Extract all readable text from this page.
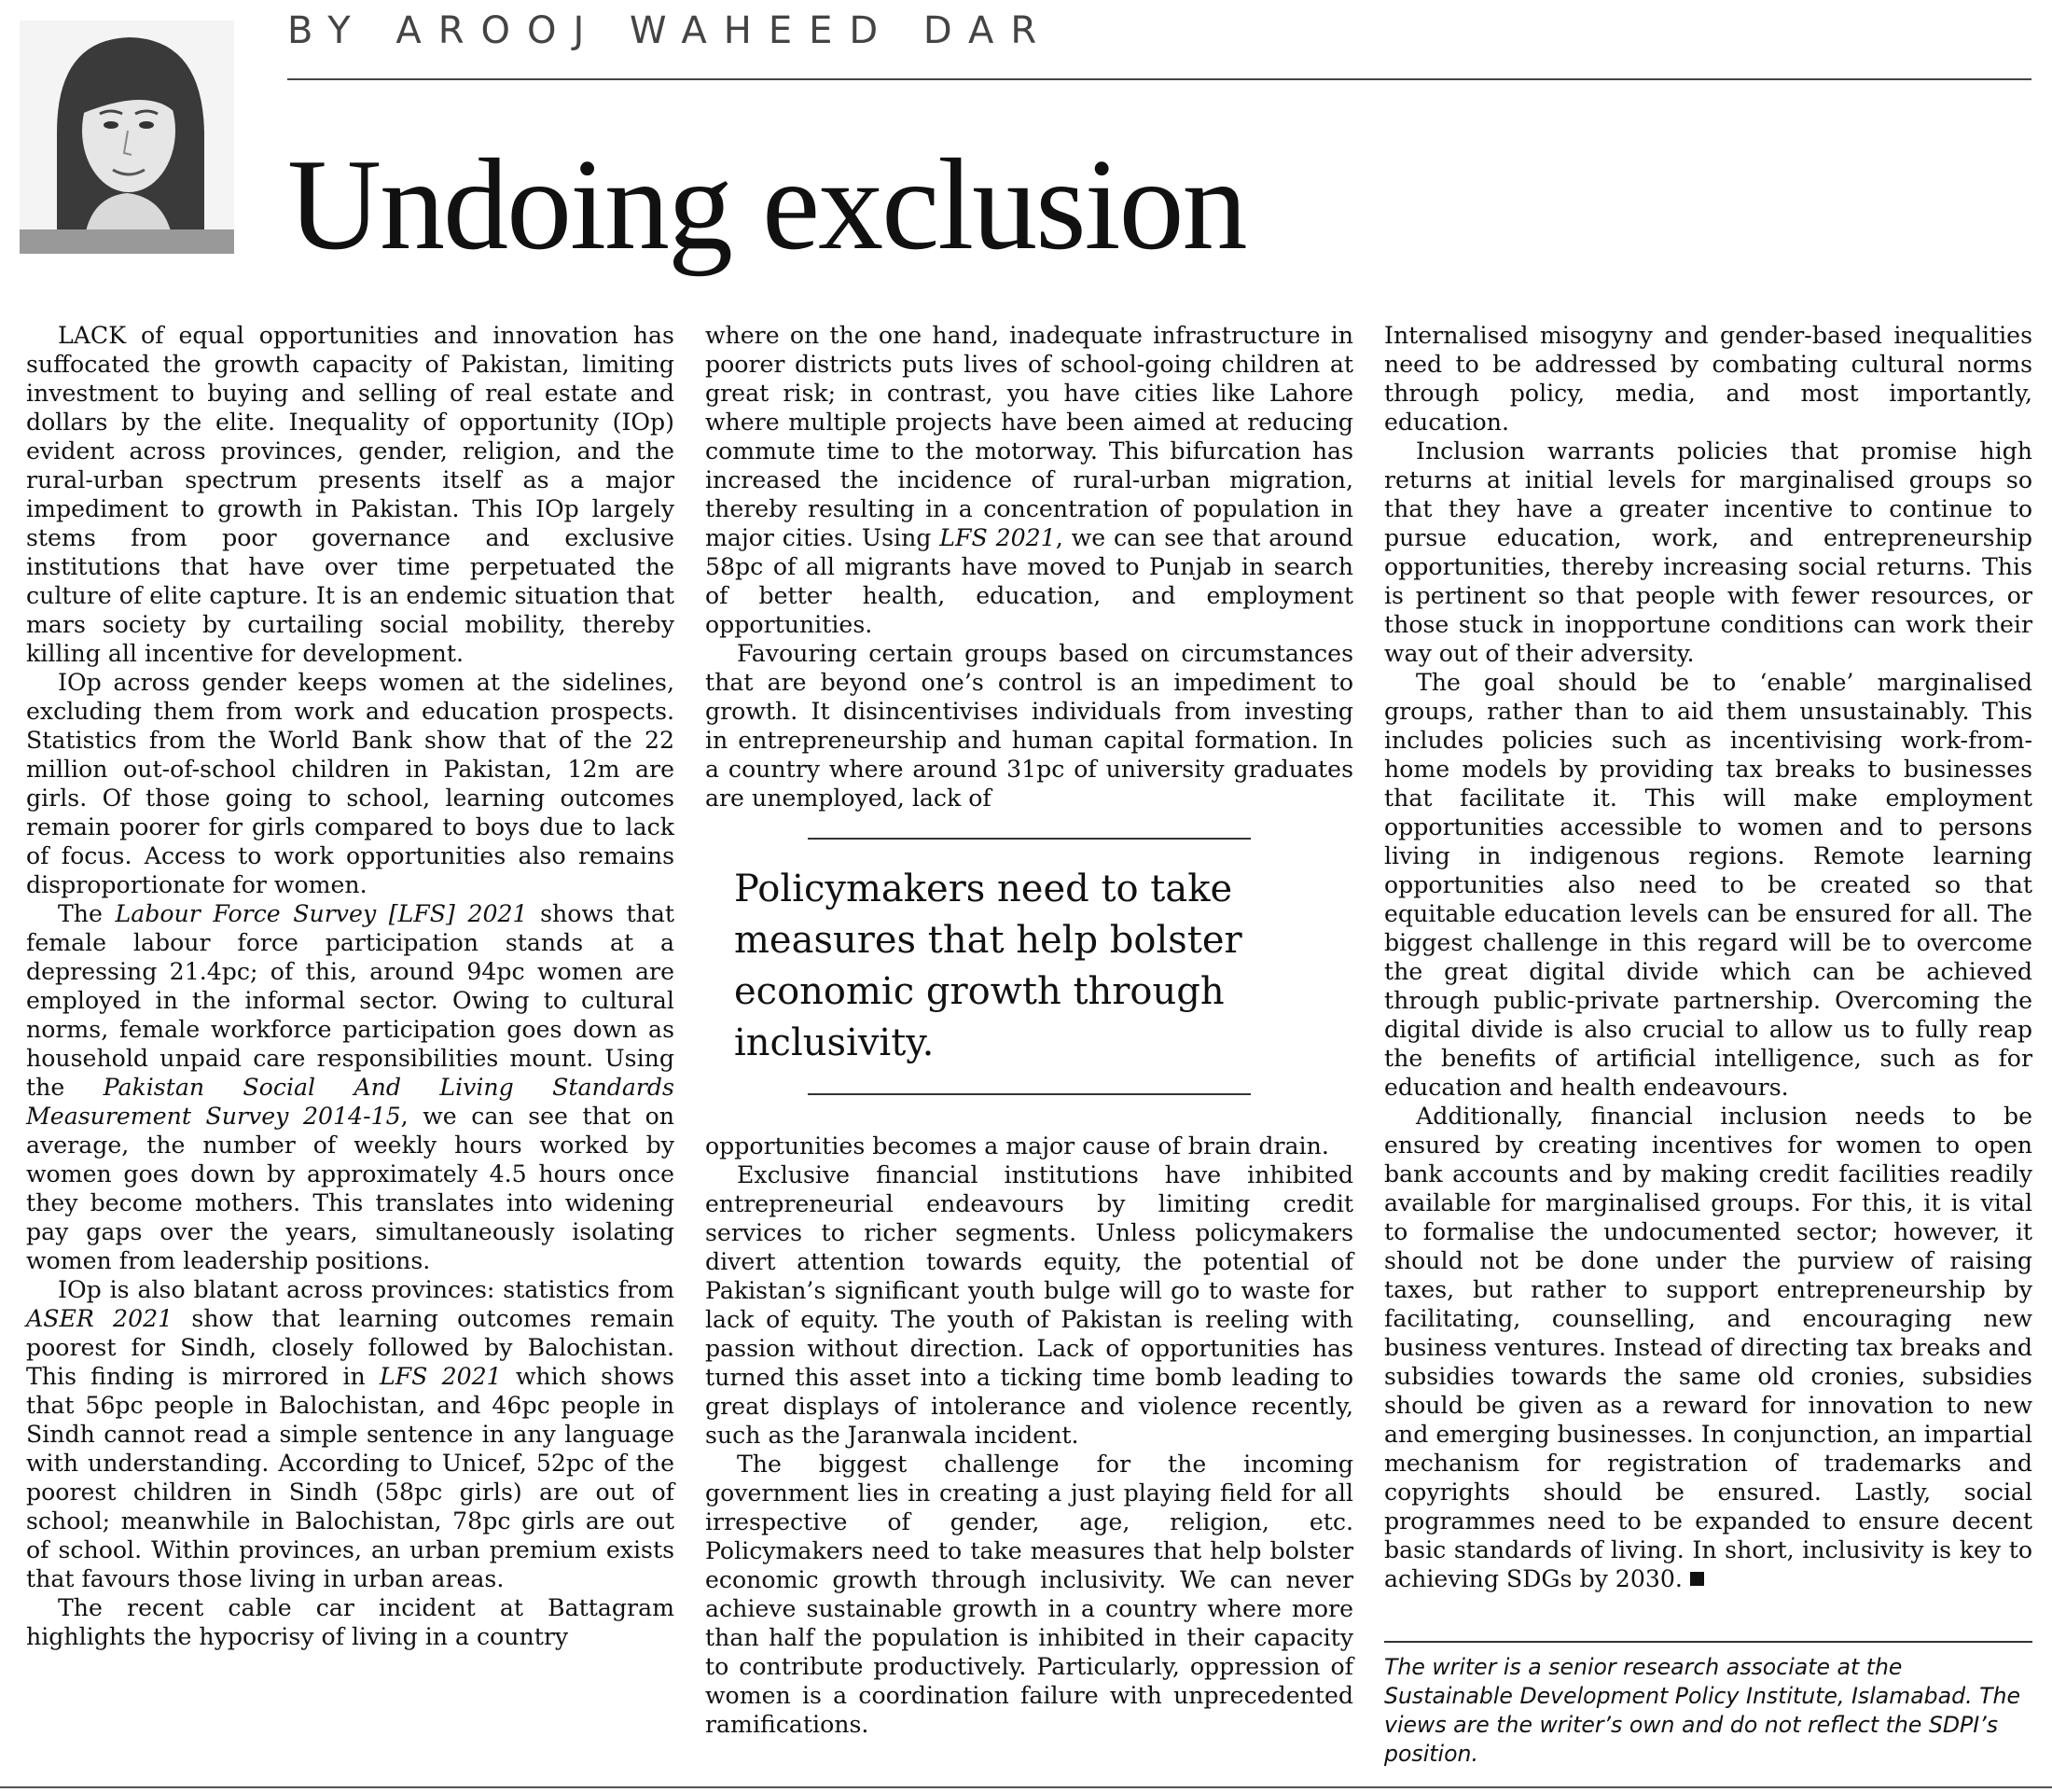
BY AROOJ WAHEED DAR
Undoing exclusion

LACK of equal opportunities and innovation has suffocated the growth capacity of Pakistan, limiting investment to buying and selling of real estate and dollars by the elite. Inequality of opportunity (IOp) evident across provinces, gender, religion, and the rural-urban spectrum presents itself as a major impediment to growth in Pakistan. This IOp largely stems from poor governance and exclusive institutions that have over time perpetuated the culture of elite capture. It is an endemic situation that mars society by curtailing social mobility, thereby killing all incentive for development.

IOp across gender keeps women at the sidelines, excluding them from work and education prospects. Statistics from the World Bank show that of the 22 million out-of-school children in Pakistan, 12m are girls. Of those going to school, learning outcomes remain poorer for girls compared to boys due to lack of focus. Access to work opportunities also remains disproportionate for women.

The Labour Force Survey [LFS] 2021 shows that female labour force participation stands at a depressing 21.4pc; of this, around 94pc women are employed in the informal sector. Owing to cultural norms, female workforce participation goes down as household unpaid care responsibilities mount. Using the Pakistan Social And Living Standards Measurement Survey 2014-15, we can see that on average, the number of weekly hours worked by women goes down by approximately 4.5 hours once they become mothers. This translates into widening pay gaps over the years, simultaneously isolating women from leadership positions.

IOp is also blatant across provinces: statistics from ASER 2021 show that learning outcomes remain poorest for Sindh, closely followed by Balochistan. This finding is mirrored in LFS 2021 which shows that 56pc people in Balochistan, and 46pc people in Sindh cannot read a simple sentence in any language with understanding. According to Unicef, 52pc of the poorest children in Sindh (58pc girls) are out of school; meanwhile in Balochistan, 78pc girls are out of school. Within provinces, an urban premium exists that favours those living in urban areas.

The recent cable car incident at Battagram highlights the hypocrisy of living in a country

where on the one hand, inadequate infrastructure in poorer districts puts lives of school-going children at great risk; in contrast, you have cities like Lahore where multiple projects have been aimed at reducing commute time to the motorway. This bifurcation has increased the incidence of rural-urban migration, thereby resulting in a concentration of population in major cities. Using LFS 2021, we can see that around 58pc of all migrants have moved to Punjab in search of better health, education, and employment opportunities.

Favouring certain groups based on circumstances that are beyond one’s control is an impediment to growth. It disincentivises individuals from investing in entrepreneurship and human capital formation. In a country where around 31pc of university graduates are unemployed, lack of

Policymakers need to take measures that help bolster economic growth through inclusivity.

opportunities becomes a major cause of brain drain.

Exclusive financial institutions have inhibited entrepreneurial endeavours by limiting credit services to richer segments. Unless policymakers divert attention towards equity, the potential of Pakistan’s significant youth bulge will go to waste for lack of equity. The youth of Pakistan is reeling with passion without direction. Lack of opportunities has turned this asset into a ticking time bomb leading to great displays of intolerance and violence recently, such as the Jaranwala incident.

The biggest challenge for the incoming government lies in creating a just playing field for all irrespective of gender, age, religion, etc. Policymakers need to take measures that help bolster economic growth through inclusivity. We can never achieve sustainable growth in a country where more than half the population is inhibited in their capacity to contribute productively. Particularly, oppression of women is a coordination failure with unprecedented ramifications.

Internalised misogyny and gender-based inequalities need to be addressed by combating cultural norms through policy, media, and most importantly, education.

Inclusion warrants policies that promise high returns at initial levels for marginalised groups so that they have a greater incentive to continue to pursue education, work, and entrepreneurship opportunities, thereby increasing social returns. This is pertinent so that people with fewer resources, or those stuck in inopportune conditions can work their way out of their adversity.

The goal should be to ‘enable’ marginalised groups, rather than to aid them unsustainably. This includes policies such as incentivising work-from-home models by providing tax breaks to businesses that facilitate it. This will make employment opportunities accessible to women and to persons living in indigenous regions. Remote learning opportunities also need to be created so that equitable education levels can be ensured for all. The biggest challenge in this regard will be to overcome the great digital divide which can be achieved through public-private partnership. Overcoming the digital divide is also crucial to allow us to fully reap the benefits of artificial intelligence, such as for education and health endeavours.

Additionally, financial inclusion needs to be ensured by creating incentives for women to open bank accounts and by making credit facilities readily available for marginalised groups. For this, it is vital to formalise the undocumented sector; however, it should not be done under the purview of raising taxes, but rather to support entrepreneurship by facilitating, counselling, and encouraging new business ventures. Instead of directing tax breaks and subsidies towards the same old cronies, subsidies should be given as a reward for innovation to new and emerging businesses. In conjunction, an impartial mechanism for registration of trademarks and copyrights should be ensured. Lastly, social programmes need to be expanded to ensure decent basic standards of living. In short, inclusivity is key to achieving SDGs by 2030.

The writer is a senior research associate at the Sustainable Development Policy Institute, Islamabad. The views are the writer’s own and do not reflect the SDPI’s position.
